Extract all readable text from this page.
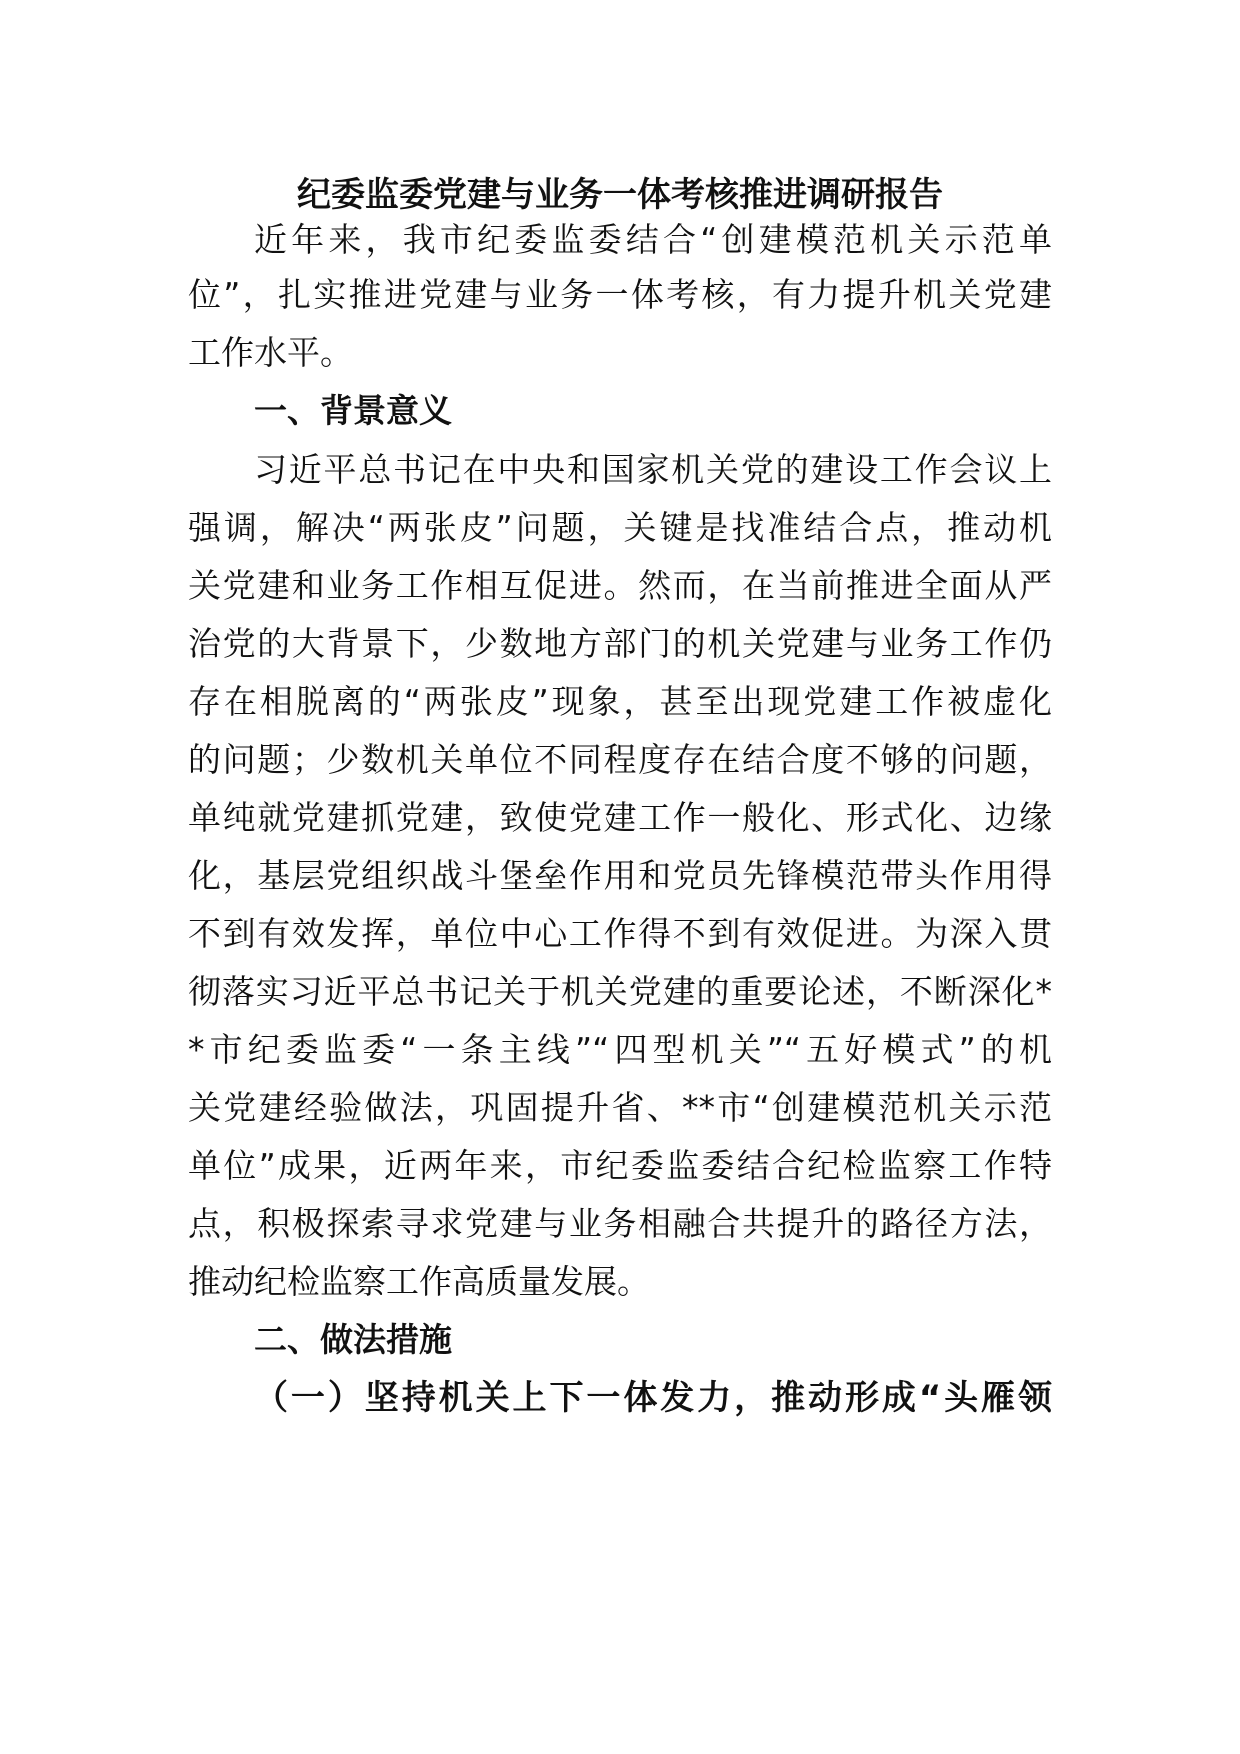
纪委监委党建与业务一体考核推进调研报告

近年来，我市纪委监委结合“创建模范机关示范单

位”，扎实推进党建与业务一体考核，有力提升机关党建

工作水平。

一、背景意义

习近平总书记在中央和国家机关党的建设工作会议上

强调，解决“两张皮”问题，关键是找准结合点，推动机

关党建和业务工作相互促进。然而，在当前推进全面从严

治党的大背景下，少数地方部门的机关党建与业务工作仍

存在相脱离的“两张皮”现象，甚至出现党建工作被虚化

的问题；少数机关单位不同程度存在结合度不够的问题，

单纯就党建抓党建，致使党建工作一般化、形式化、边缘

化，基层党组织战斗堡垒作用和党员先锋模范带头作用得

不到有效发挥，单位中心工作得不到有效促进。为深入贯

彻落实习近平总书记关于机关党建的重要论述，不断深化*

*市纪委监委“一条主线”“四型机关”“五好模式”的机

关党建经验做法，巩固提升省、**市“创建模范机关示范

单位”成果，近两年来，市纪委监委结合纪检监察工作特

点，积极探索寻求党建与业务相融合共提升的路径方法，

推动纪检监察工作高质量发展。

二、做法措施
（一）坚持机关上下一体发力，推动形成“头雁领
